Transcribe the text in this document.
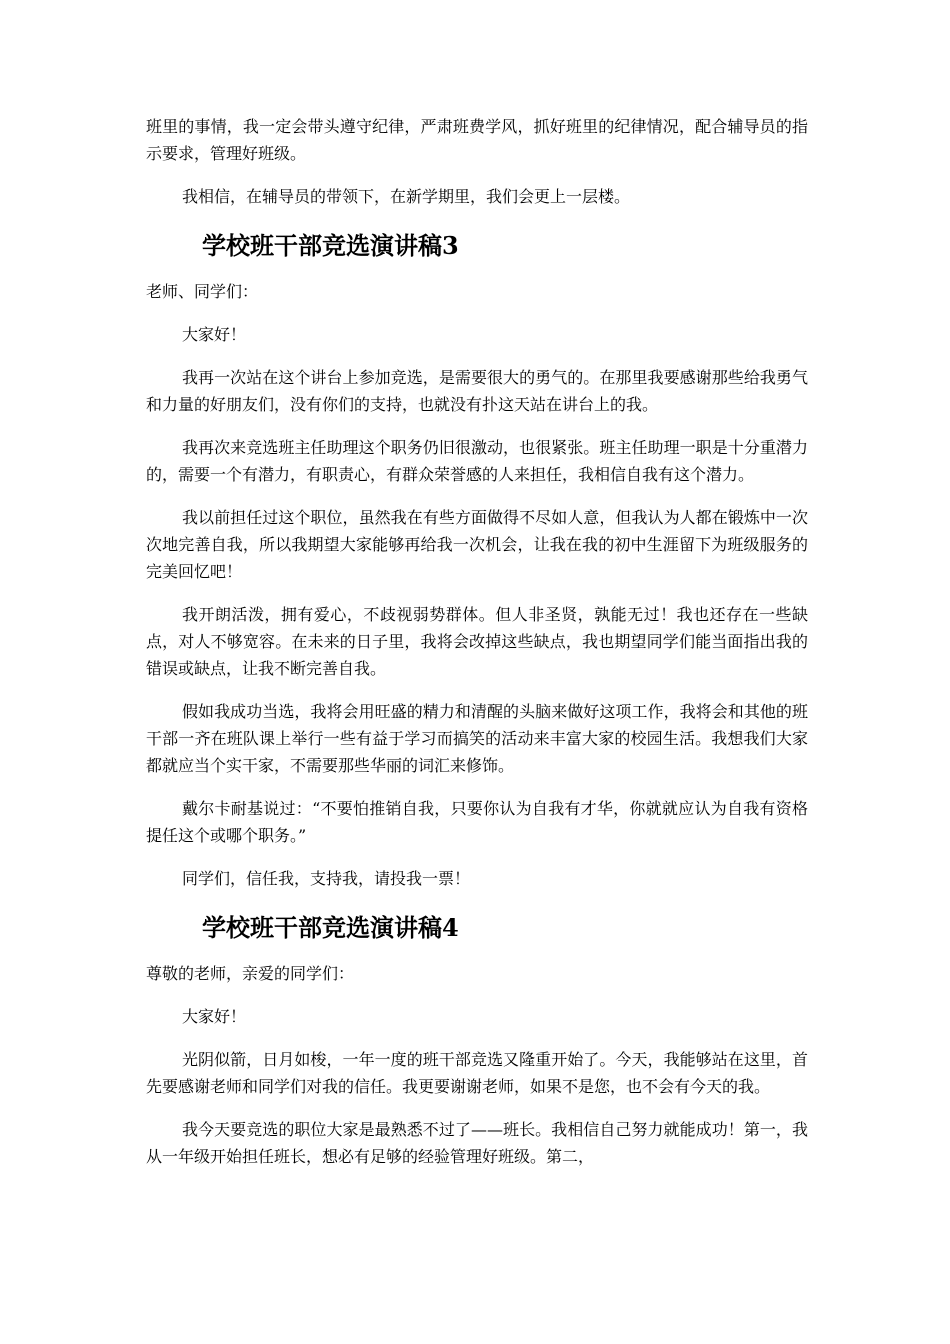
班里的事情，我一定会带头遵守纪律，严肃班费学风，抓好班里的纪律情况，配合辅导员的指示要求，管理好班级。

我相信，在辅导员的带领下，在新学期里，我们会更上一层楼。

学校班干部竞选演讲稿3

老师、同学们：

大家好！

我再一次站在这个讲台上参加竞选，是需要很大的勇气的。在那里我要感谢那些给我勇气和力量的好朋友们，没有你们的支持，也就没有扑这天站在讲台上的我。

我再次来竞选班主任助理这个职务仍旧很激动，也很紧张。班主任助理一职是十分重潜力的，需要一个有潜力，有职责心，有群众荣誉感的人来担任，我相信自我有这个潜力。

我以前担任过这个职位，虽然我在有些方面做得不尽如人意，但我认为人都在锻炼中一次次地完善自我，所以我期望大家能够再给我一次机会，让我在我的初中生涯留下为班级服务的完美回忆吧！

我开朗活泼，拥有爱心，不歧视弱势群体。但人非圣贤，孰能无过！我也还存在一些缺点，对人不够宽容。在未来的日子里，我将会改掉这些缺点，我也期望同学们能当面指出我的错误或缺点，让我不断完善自我。

假如我成功当选，我将会用旺盛的精力和清醒的头脑来做好这项工作，我将会和其他的班干部一齐在班队课上举行一些有益于学习而搞笑的活动来丰富大家的校园生活。我想我们大家都就应当个实干家，不需要那些华丽的词汇来修饰。

戴尔卡耐基说过：“不要怕推销自我，只要你认为自我有才华，你就就应认为自我有资格提任这个或哪个职务。”

同学们，信任我，支持我，请投我一票！

学校班干部竞选演讲稿4

尊敬的老师，亲爱的同学们：

大家好！

光阴似箭，日月如梭，一年一度的班干部竞选又隆重开始了。今天，我能够站在这里，首先要感谢老师和同学们对我的信任。我更要谢谢老师，如果不是您，也不会有今天的我。

我今天要竞选的职位大家是最熟悉不过了——班长。我相信自己努力就能成功！第一，我从一年级开始担任班长，想必有足够的经验管理好班级。第二，
